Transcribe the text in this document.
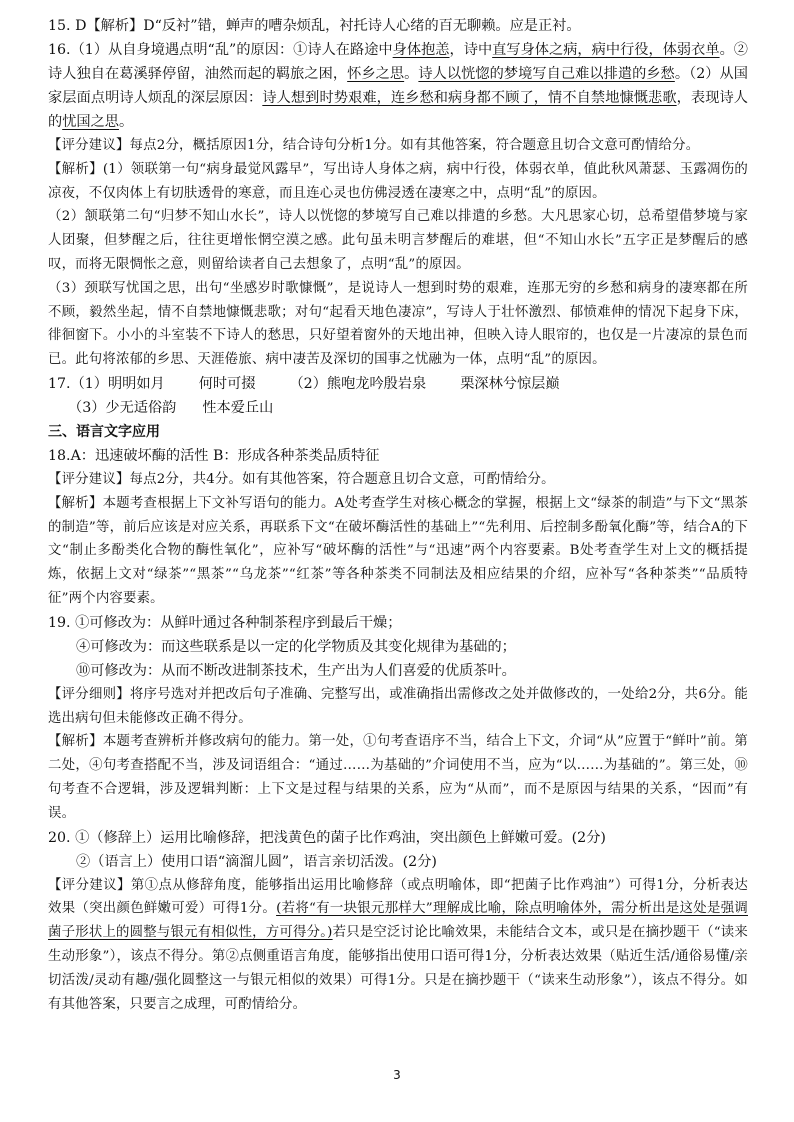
15. D【解析】D“反衬”错，蝉声的嘈杂烦乱，衬托诗人心绪的百无聊赖。应是正衬。

16.（1）从自身境遇点明“乱”的原因：①诗人在路途中身体抱恙，诗中直写身体之病，病中行役，体弱衣单。②诗人独自在葛溪驿停留，油然而起的羁旅之困，怀乡之思。诗人以恍惚的梦境写自己难以排遣的乡愁。（2）从国家层面点明诗人烦乱的深层原因：诗人想到时势艰难，连乡愁和病身都不顾了，情不自禁地慷慨悲歌，表现诗人的忧国之思。

【评分建议】每点2分，概括原因1分，结合诗句分析1分。如有其他答案，符合题意且切合文意可酌情给分。

【解析】(1）领联第一句“病身最觉风露早”，写出诗人身体之病，病中行役，体弱衣单，值此秋风萧瑟、玉露凋伤的凉夜，不仅肉体上有切肤透骨的寒意，而且连心灵也仿佛浸透在凄寒之中，点明“乱”的原因。

（2）颔联第二句“归梦不知山水长”，诗人以恍惚的梦境写自己难以排遣的乡愁。大凡思家心切，总希望借梦境与家人团聚，但梦醒之后，往往更增怅惘空漠之感。此句虽未明言梦醒后的难堪，但“不知山水长”五字正是梦醒后的感叹，而将无限惆怅之意，则留给读者自己去想象了，点明“乱”的原因。

（3）颈联写忧国之思，出句“坐感岁时歌慷慨”，是说诗人一想到时势的艰难，连那无穷的乡愁和病身的凄寒都在所不顾，毅然坐起，情不自禁地慷慨悲歌；对句“起看天地色凄凉”，写诗人于壮怀激烈、郁愤难伸的情况下起身下床，徘徊窗下。小小的斗室装不下诗人的愁思，只好望着窗外的天地出神，但映入诗人眼帘的，也仅是一片凄凉的景色而已。此句将浓郁的乡思、天涯倦旅、病中凄苦及深切的国事之忧融为一体，点明“乱”的原因。

17.（1）明明如月 何时可掇 （2）熊咆龙吟殷岩泉 栗深林兮惊层巅

（3）少无适俗韵 性本爱丘山

三、语言文字应用

18.A：迅速破坏酶的活性 B：形成各种茶类品质特征

【评分建议】每点2分，共4分。如有其他答案，符合题意且切合文意，可酌情给分。

【解析】本题考查根据上下文补写语句的能力。A处考查学生对核心概念的掌握，根据上文“绿茶的制造”与下文“黑茶的制造”等，前后应该是对应关系，再联系下文“在破坏酶活性的基础上”“先利用、后控制多酚氧化酶”等，结合A的下文“制止多酚类化合物的酶性氧化”，应补写“破坏酶的活性”与“迅速”两个内容要素。B处考查学生对上文的概括提炼，依据上文对“绿茶”“黑茶”“乌龙茶”“红茶”等各种茶类不同制法及相应结果的介绍，应补写“各种茶类”“品质特征”两个内容要素。

19. ①可修改为：从鲜叶通过各种制茶程序到最后干燥；

④可修改为：而这些联系是以一定的化学物质及其变化规律为基础的；

⑩可修改为：从而不断改进制茶技术，生产出为人们喜爱的优质茶叶。

【评分细则】将序号选对并把改后句子准确、完整写出，或准确指出需修改之处并做修改的，一处给2分，共6分。能选出病句但未能修改正确不得分。

【解析】本题考查辨析并修改病句的能力。第一处，①句考查语序不当，结合上下文，介词“从”应置于“鲜叶”前。第二处，④句考查搭配不当，涉及词语组合：“通过……为基础的”介词使用不当，应为“以……为基础的”。第三处，⑩句考查不合逻辑，涉及逻辑判断：上下文是过程与结果的关系，应为“从而”，而不是原因与结果的关系，“因而”有误。

20. ①（修辞上）运用比喻修辞，把浅黄色的菌子比作鸡油，突出颜色上鲜嫩可爱。(2分)

②（语言上）使用口语“滴溜儿圆”，语言亲切活泼。(2分)

【评分建议】第①点从修辞角度，能够指出运用比喻修辞（或点明喻体，即“把菌子比作鸡油”）可得1分，分析表达效果（突出颜色鲜嫩可爱）可得1分。(若将“有一块银元那样大”理解成比喻，除点明喻体外，需分析出是这处是强调菌子形状上的圆整与银元有相似性，方可得分。)若只是空泛讨论比喻效果，未能结合文本，或只是在摘抄题干（“读来生动形象”），该点不得分。第②点侧重语言角度，能够指出使用口语可得1分，分析表达效果（贴近生活/通俗易懂/亲切活泼/灵动有趣/强化圆整这一与银元相似的效果）可得1分。只是在摘抄题干（“读来生动形象”），该点不得分。如有其他答案，只要言之成理，可酌情给分。

3
